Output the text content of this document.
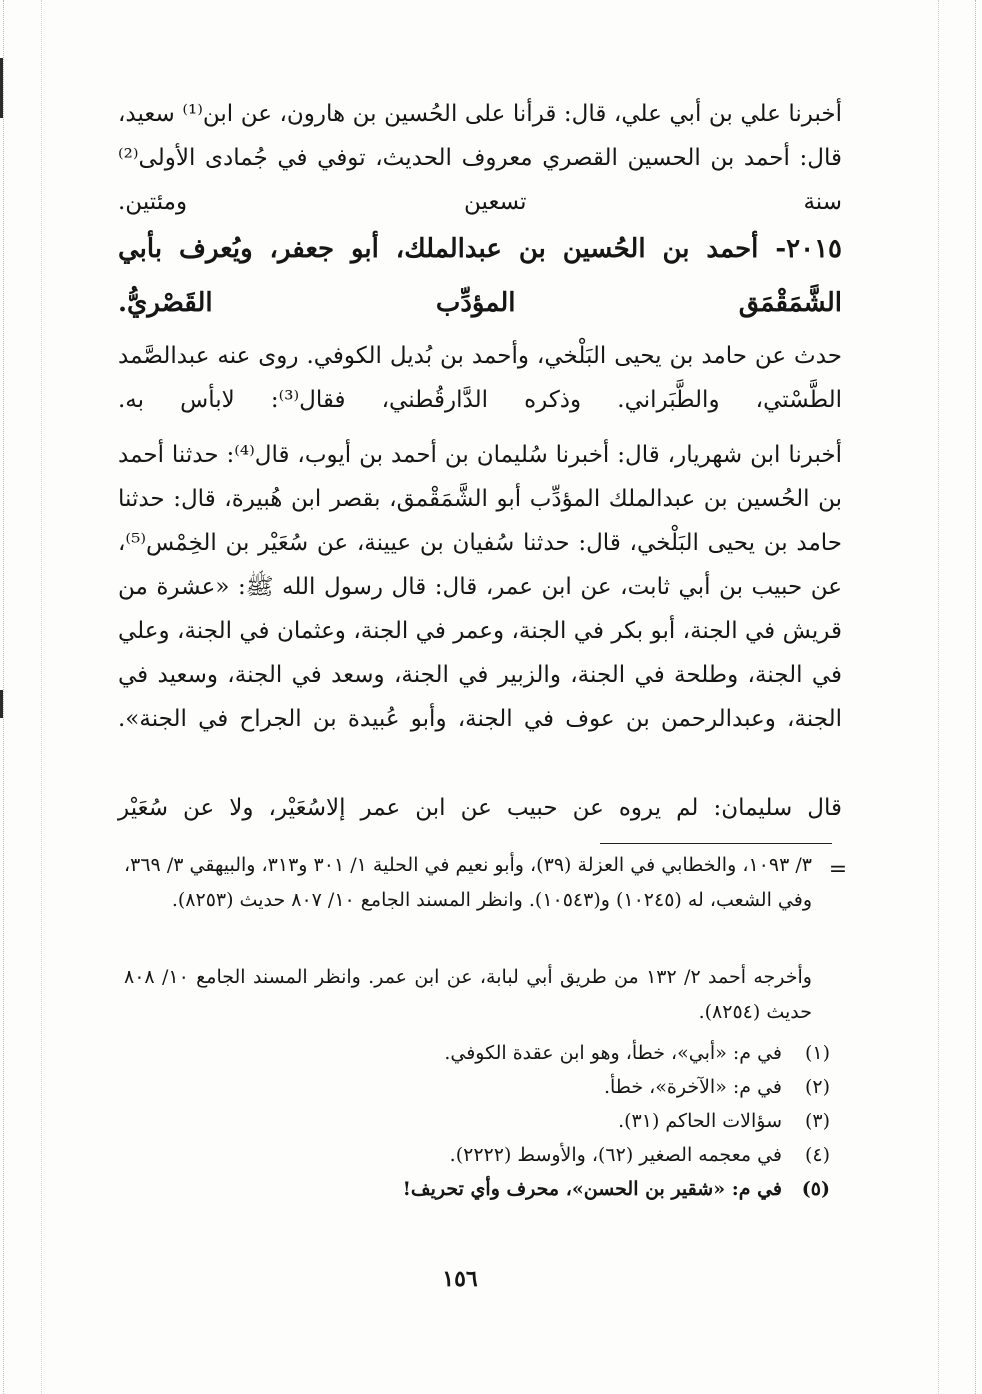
أخبرنا علي بن أبي علي، قال: قرأنا على الحُسين بن هارون، عن ابن⁽¹⁾ سعيد، قال: أحمد بن الحسين القصري معروف الحديث، توفي في جُمادى الأولى⁽²⁾ سنة تسعين ومئتين.

٢٠١٥- أحمد بن الحُسين بن عبدالملك، أبو جعفر، ويُعرف بأبي الشَّمَقْمَق المؤدِّب القَصْريُّ.

حدث عن حامد بن يحيى البَلْخي، وأحمد بن بُديل الكوفي. روى عنه عبدالصَّمد الطَّسْتي، والطَّبَراني. وذكره الدَّارقُطني، فقال⁽³⁾: لابأس به.

أخبرنا ابن شهريار، قال: أخبرنا سُليمان بن أحمد بن أيوب، قال⁽⁴⁾: حدثنا أحمد بن الحُسين بن عبدالملك المؤدِّب أبو الشَّمَقْمق، بقصر ابن هُبيرة، قال: حدثنا حامد بن يحيى البَلْخي، قال: حدثنا سُفيان بن عيينة، عن سُعَيْر بن الخِمْس⁽⁵⁾، عن حبيب بن أبي ثابت، عن ابن عمر، قال: قال رسول الله ﷺ: «عشرة من قريش في الجنة، أبو بكر في الجنة، وعمر في الجنة، وعثمان في الجنة، وعلي في الجنة، وطلحة في الجنة، والزبير في الجنة، وسعد في الجنة، وسعيد في الجنة، وعبدالرحمن بن عوف في الجنة، وأبو عُبيدة بن الجراح في الجنة».

قال سليمان: لم يروه عن حبيب عن ابن عمر إلاسُعَيْر، ولا عن سُعَيْر

=

٣/ ١٠٩٣، والخطابي في العزلة (٣٩)، وأبو نعيم في الحلية ١/ ٣٠١ و٣١٣، والبيهقي ٣/ ٣٦٩، وفي الشعب، له (١٠٢٤٥) و(١٠٥٤٣). وانظر المسند الجامع ١٠/ ٨٠٧ حديث (٨٢٥٣).

وأخرجه أحمد ٢/ ١٣٢ من طريق أبي لبابة، عن ابن عمر. وانظر المسند الجامع ١٠/ ٨٠٨ حديث (٨٢٥٤).

(١)في م: «أبي»، خطأ، وهو ابن عقدة الكوفي.
(٢)في م: «الآخرة»، خطأ.
(٣)سؤالات الحاكم (٣١).
(٤)في معجمه الصغير (٦٢)، والأوسط (٢٢٢٢).
(٥)في م: «شقير بن الحسن»، محرف وأي تحريف!
١٥٦
